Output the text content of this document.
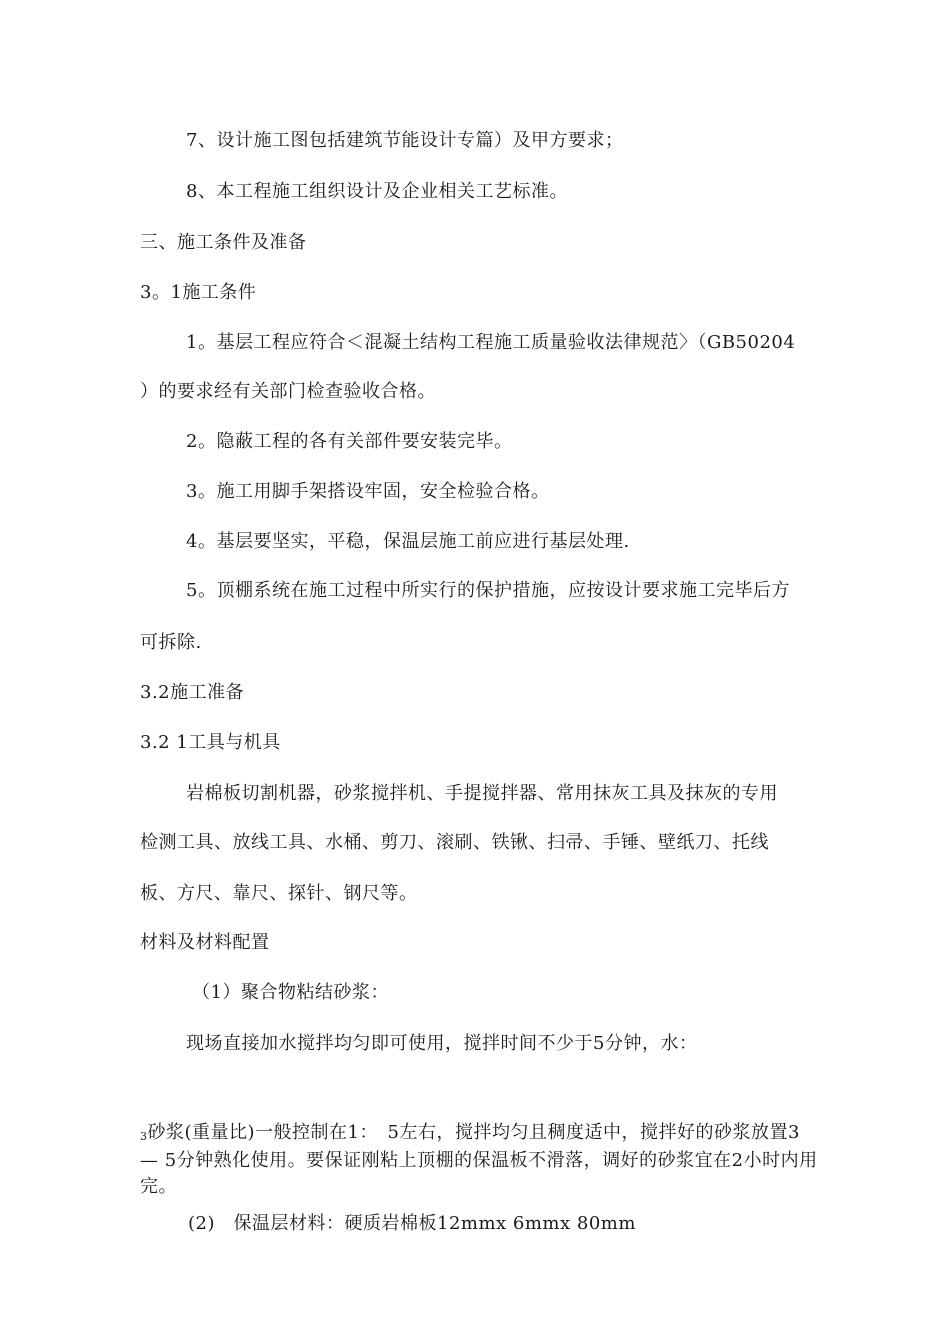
7、设计施工图包括建筑节能设计专篇）及甲方要求；
8、本工程施工组织设计及企业相关工艺标准。
三、施工条件及准备
3。1施工条件
1。基层工程应符合＜混凝土结构工程施工质量验收法律规范〉（GB50204
）的要求经有关部门检查验收合格。
2。隐蔽工程的各有关部件要安装完毕。
3。施工用脚手架搭设牢固，安全检验合格。
4。基层要坚实，平稳，保温层施工前应进行基层处理.
5。顶棚系统在施工过程中所实行的保护措施，应按设计要求施工完毕后方
可拆除.
3.2施工准备
3.2 1工具与机具
岩棉板切割机器，砂浆搅拌机、手提搅拌器、常用抹灰工具及抹灰的专用
检测工具、放线工具、水桶、剪刀、滚刷、铁锹、扫帚、手锤、壁纸刀、托线
板、方尺、靠尺、探针、钢尺等。
材料及材料配置
（1）聚合物粘结砂浆：
现场直接加水搅拌均匀即可使用，搅拌时间不少于5分钟，水：
3砂浆(重量比)一般控制在1：　5左右，搅拌均匀且稠度适中，搅拌好的砂浆放置3 — 5分钟熟化使用。要保证刚粘上顶棚的保温板不滑落，调好的砂浆宜在2小时内用完。
(2)　保温层材料：硬质岩棉板12mmx 6mmx 80mm
